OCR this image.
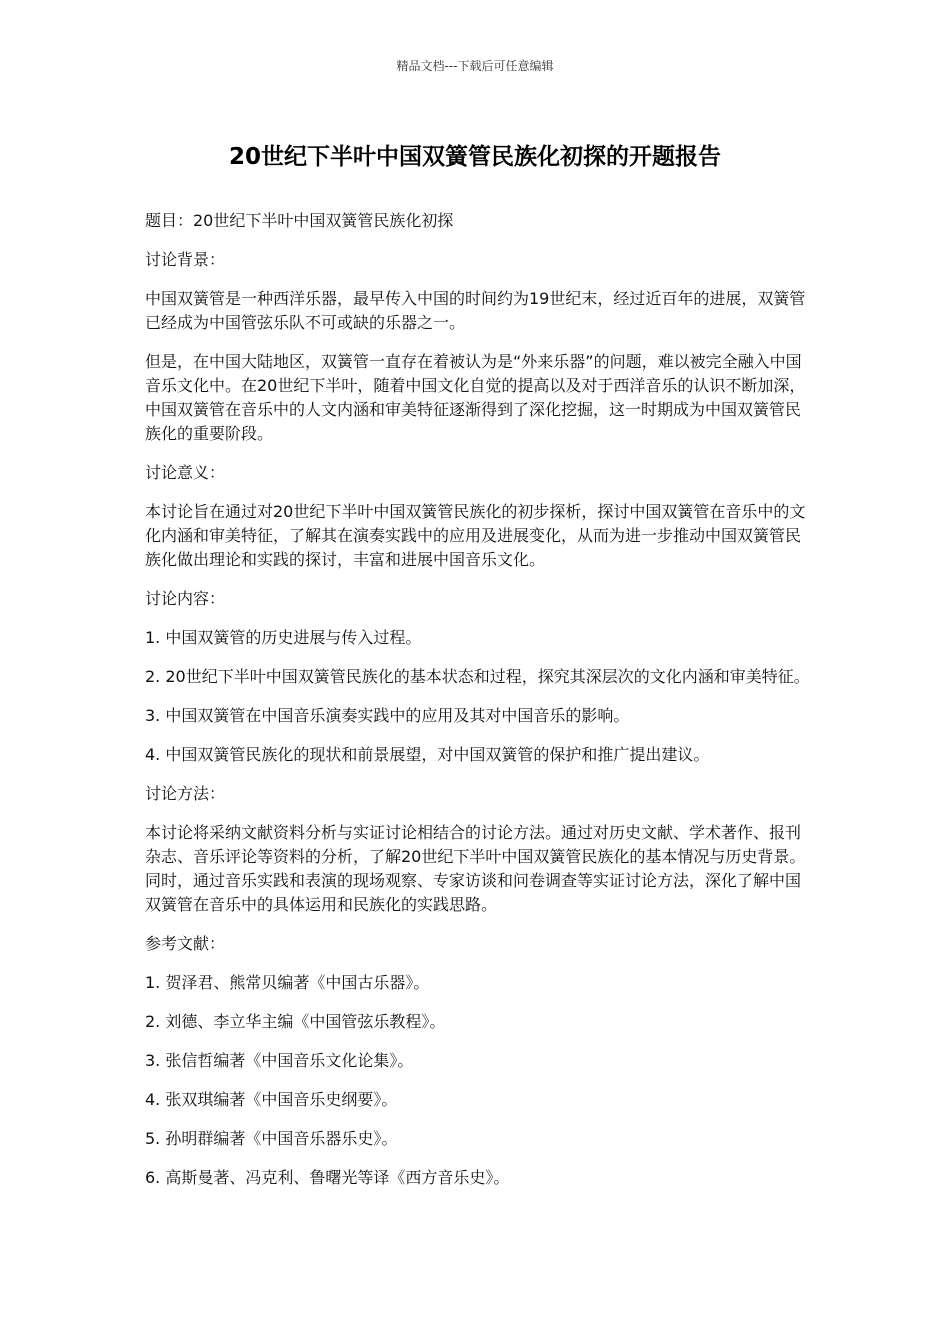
精品文档---下载后可任意编辑
20世纪下半叶中国双簧管民族化初探的开题报告

题目：20世纪下半叶中国双簧管民族化初探

讨论背景：

中国双簧管是一种西洋乐器，最早传入中国的时间约为19世纪末，经过近百年的进展，双簧管已经成为中国管弦乐队不可或缺的乐器之一。

但是，在中国大陆地区，双簧管一直存在着被认为是“外来乐器”的问题，难以被完全融入中国音乐文化中。在20世纪下半叶，随着中国文化自觉的提高以及对于西洋音乐的认识不断加深，中国双簧管在音乐中的人文内涵和审美特征逐渐得到了深化挖掘，这一时期成为中国双簧管民族化的重要阶段。

讨论意义：

本讨论旨在通过对20世纪下半叶中国双簧管民族化的初步探析，探讨中国双簧管在音乐中的文化内涵和审美特征，了解其在演奏实践中的应用及进展变化，从而为进一步推动中国双簧管民族化做出理论和实践的探讨，丰富和进展中国音乐文化。

讨论内容：

1. 中国双簧管的历史进展与传入过程。

2. 20世纪下半叶中国双簧管民族化的基本状态和过程，探究其深层次的文化内涵和审美特征。

3. 中国双簧管在中国音乐演奏实践中的应用及其对中国音乐的影响。

4. 中国双簧管民族化的现状和前景展望，对中国双簧管的保护和推广提出建议。

讨论方法：

本讨论将采纳文献资料分析与实证讨论相结合的讨论方法。通过对历史文献、学术著作、报刊杂志、音乐评论等资料的分析，了解20世纪下半叶中国双簧管民族化的基本情况与历史背景。同时，通过音乐实践和表演的现场观察、专家访谈和问卷调查等实证讨论方法，深化了解中国双簧管在音乐中的具体运用和民族化的实践思路。

参考文献：

1. 贺泽君、熊常贝编著《中国古乐器》。

2. 刘德、李立华主编《中国管弦乐教程》。

3. 张信哲编著《中国音乐文化论集》。

4. 张双琪编著《中国音乐史纲要》。

5. 孙明群编著《中国音乐器乐史》。

6. 高斯曼著、冯克利、鲁曙光等译《西方音乐史》。
